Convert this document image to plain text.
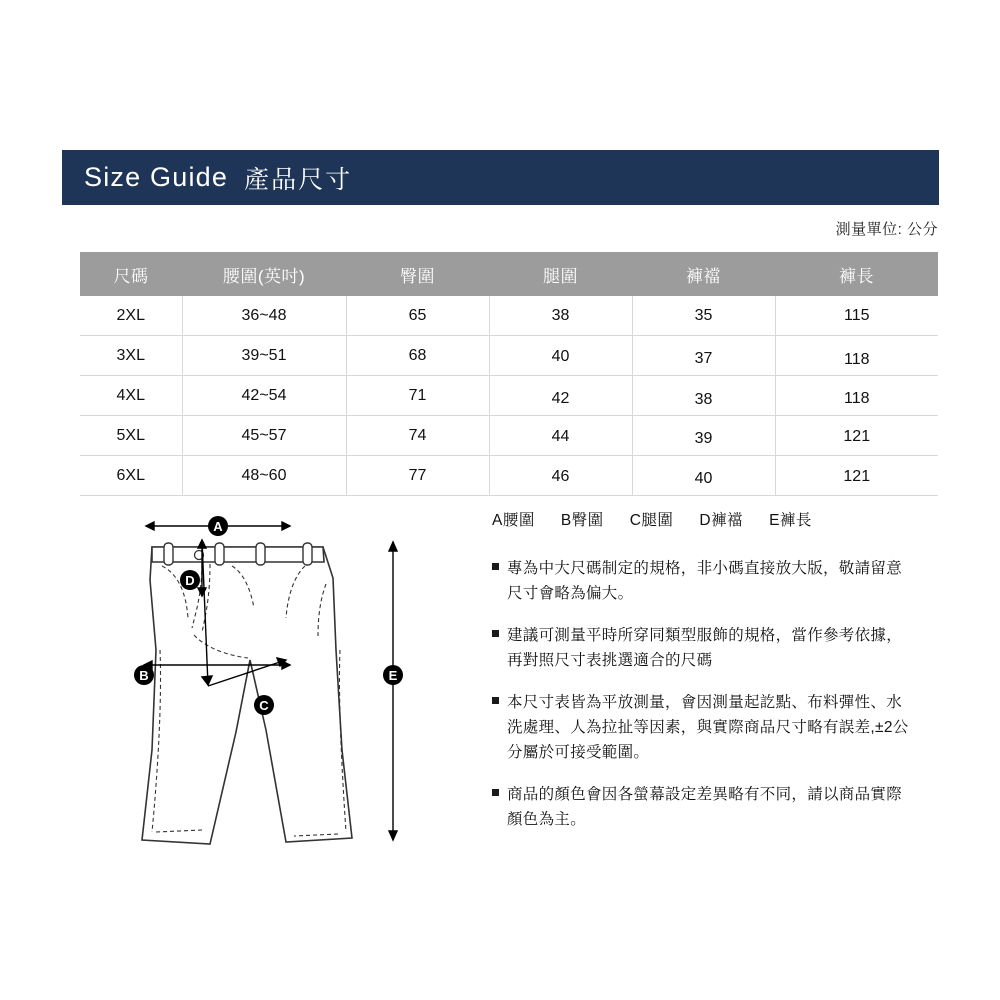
Size Guide 產品尺寸
測量單位: 公分
尺碼	腰圍(英吋)	臀圍	腿圍	褲襠	褲長
2XL	36~48	65	38	35	115
3XL	39~51	68	40	37	118
4XL	42~54	71	42	38	118
5XL	45~57	74	44	39	121
6XL	48~60	77	46	40	121
A
D
B
C
E
A腰圍 B臀圍 C腿圍 D褲襠 E褲長
專為中大尺碼制定的規格，非小碼直接放大版，敬請留意尺寸會略為偏大。
建議可測量平時所穿同類型服飾的規格，當作參考依據，再對照尺寸表挑選適合的尺碼
本尺寸表皆為平放測量，會因測量起訖點、布料彈性、水洗處理、人為拉扯等因素，與實際商品尺寸略有誤差,±2公分屬於可接受範圍。
商品的顏色會因各螢幕設定差異略有不同，請以商品實際顏色為主。
